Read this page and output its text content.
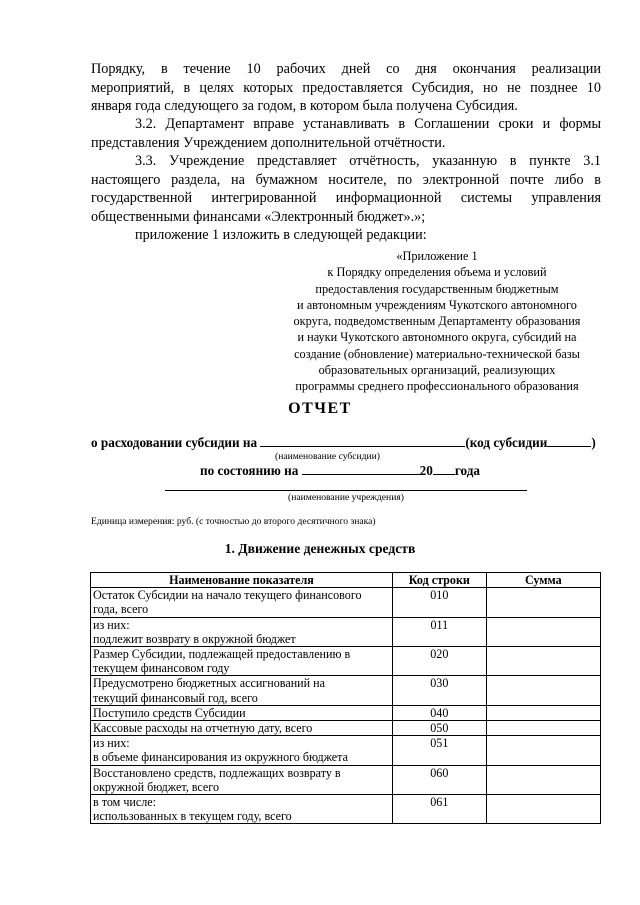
Порядку, в течение 10 рабочих дней со дня окончания реализации
мероприятий, в целях которых предоставляется Субсидия, но не позднее 10
января года следующего за годом, в котором была получена Субсидия.
3.2. Департамент вправе устанавливать в Соглашении сроки и формы
представления Учреждением дополнительной отчётности.
3.3. Учреждение представляет отчётность, указанную в пункте 3.1
настоящего раздела, на бумажном носителе, по электронной почте либо в
государственной интегрированной информационной системы управления
общественными финансами «Электронный бюджет».»;
приложение 1 изложить в следующей редакции:
«Приложение 1
к Порядку определения объема и условий
предоставления государственным бюджетным
и автономным учреждениям Чукотского автономного
округа, подведомственным Департаменту образования
и науки Чукотского автономного округа, субсидий на
создание (обновление) материально-технической базы
образовательных организаций, реализующих
программы среднего профессионального образования
ОТЧЕТ
о расходовании субсидии на	(код субсидии	)
(наименование субсидии)
по состоянию на	20 года
(наименование учреждения)
Единица измерения: руб. (с точностью до второго десятичного знака)
1. Движение денежных средств
Наименование показателя	Код строки	Сумма

Остаток Субсидии на начало текущего финансового
года, всего	010	

из них:
подлежит возврату в окружной бюджет	011	

Размер Субсидии, подлежащей предоставлению в
текущем финансовом году	020	

Предусмотрено бюджетных ассигнований на
текущий финансовый год, всего	030	

Поступило средств Субсидии	040	

Кассовые расходы на отчетную дату, всего	050	

из них:
в объеме финансирования из окружного бюджета	051	

Восстановлено средств, подлежащих возврату в
окружной бюджет, всего	060	

в том числе:
использованных в текущем году, всего	061	
